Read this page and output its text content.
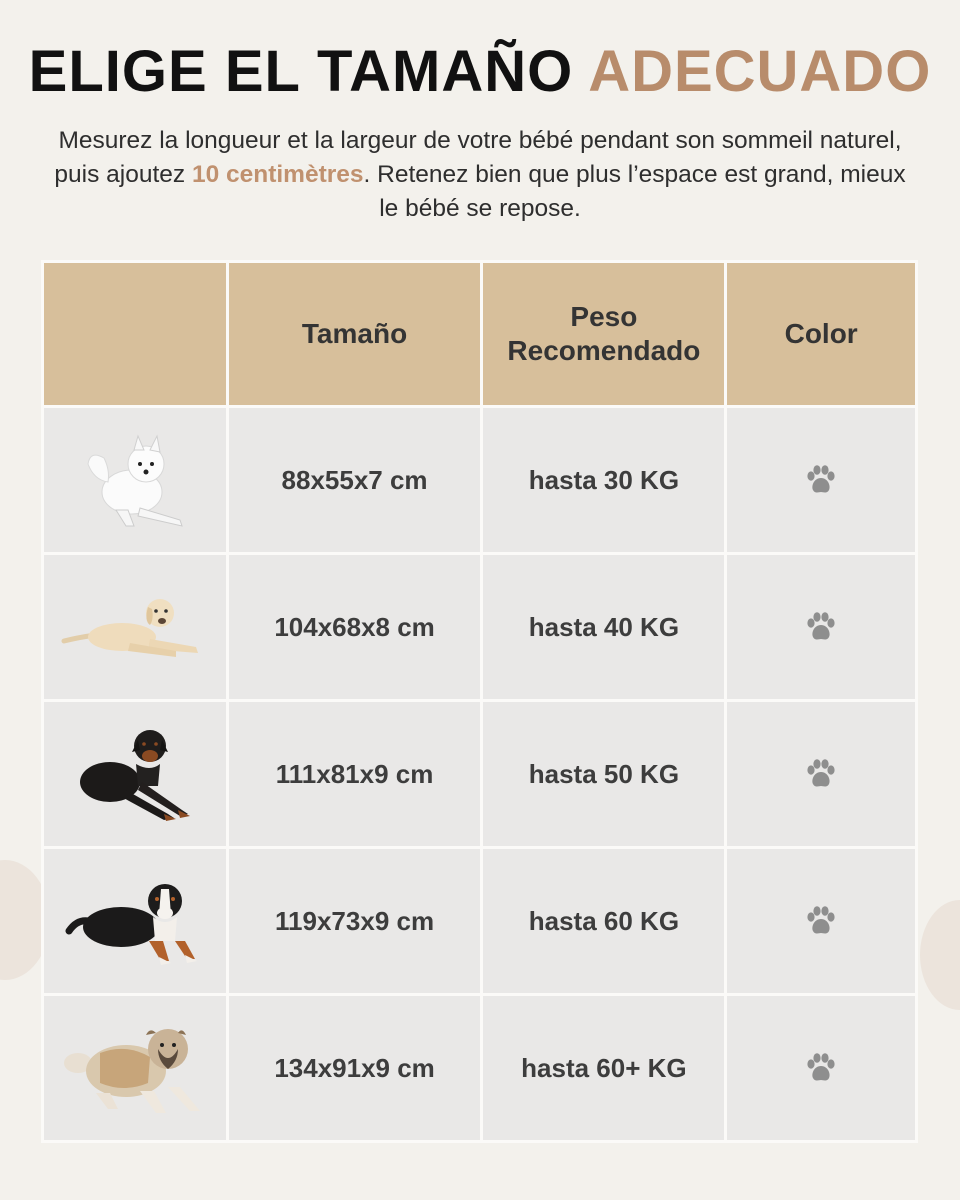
ELIGE EL TAMAÑO ADECUADO

Mesurez la longueur et la largeur de votre bébé pendant son sommeil naturel, puis ajoutez 10 centimètres. Retenez bien que plus l’espace est grand, mieux le bébé se repose.

	Tamaño	Peso Recomendado	Color

	88x55x7 cm	hasta 30 KG	

	104x68x8 cm	hasta 40 KG	

	111x81x9 cm	hasta 50 KG	

	119x73x9 cm	hasta 60 KG	

	134x91x9 cm	hasta 60+ KG	
